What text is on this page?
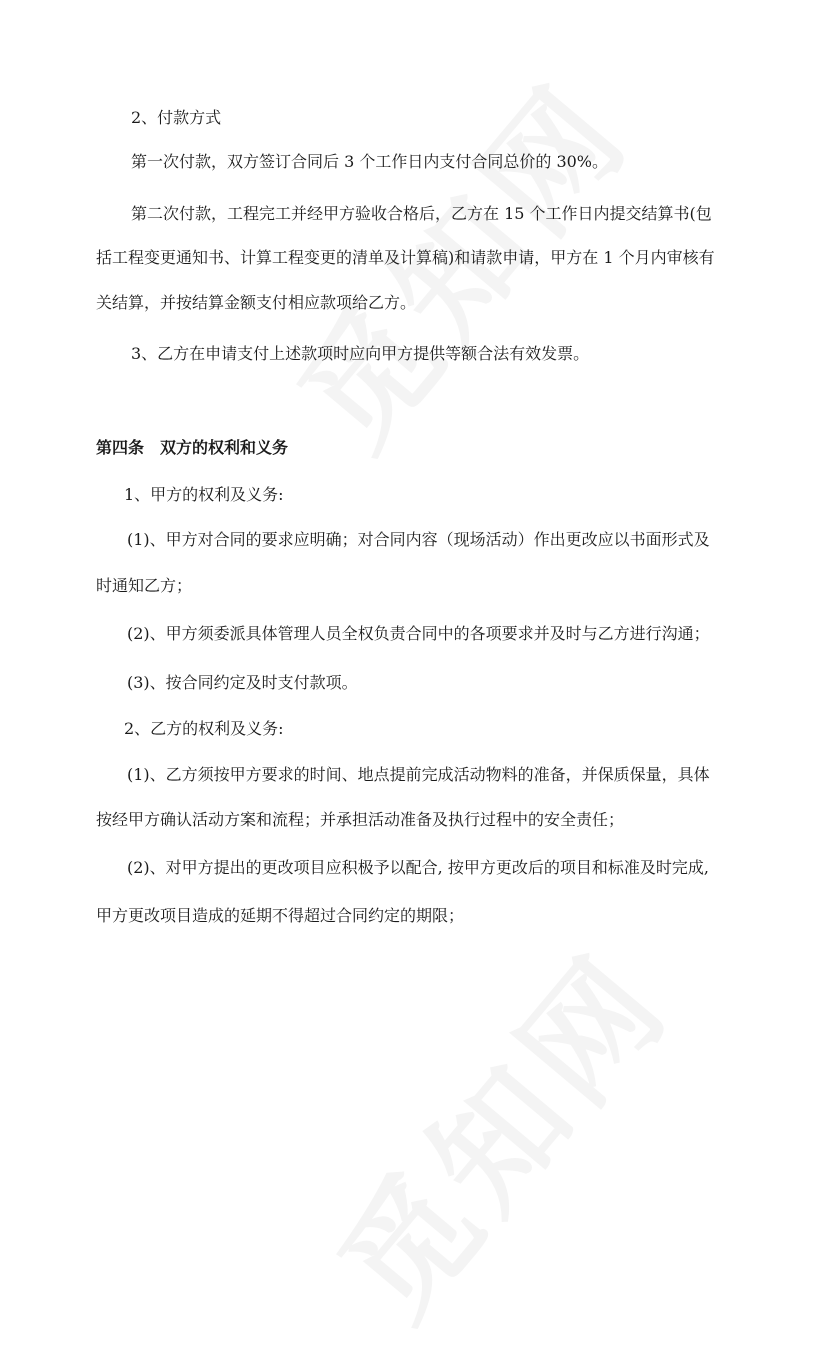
2、付款方式
第一次付款，双方签订合同后 3 个工作日内支付合同总价的 30%。
第二次付款，工程完工并经甲方验收合格后，乙方在 15 个工作日内提交结算书(包
括工程变更通知书、计算工程变更的清单及计算稿)和请款申请，甲方在 1 个月内审核有
关结算，并按结算金额支付相应款项给乙方。
3、乙方在申请支付上述款项时应向甲方提供等额合法有效发票。
第四条　双方的权利和义务
1、甲方的权利及义务:
(1)、甲方对合同的要求应明确；对合同内容（现场活动）作出更改应以书面形式及
时通知乙方；
(2)、甲方须委派具体管理人员全权负责合同中的各项要求并及时与乙方进行沟通；
(3)、按合同约定及时支付款项。
2、乙方的权利及义务:
(1)、乙方须按甲方要求的时间、地点提前完成活动物料的准备，并保质保量，具体
按经甲方确认活动方案和流程；并承担活动准备及执行过程中的安全责任；
(2)、对甲方提出的更改项目应积极予以配合, 按甲方更改后的项目和标准及时完成,
甲方更改项目造成的延期不得超过合同约定的期限；
